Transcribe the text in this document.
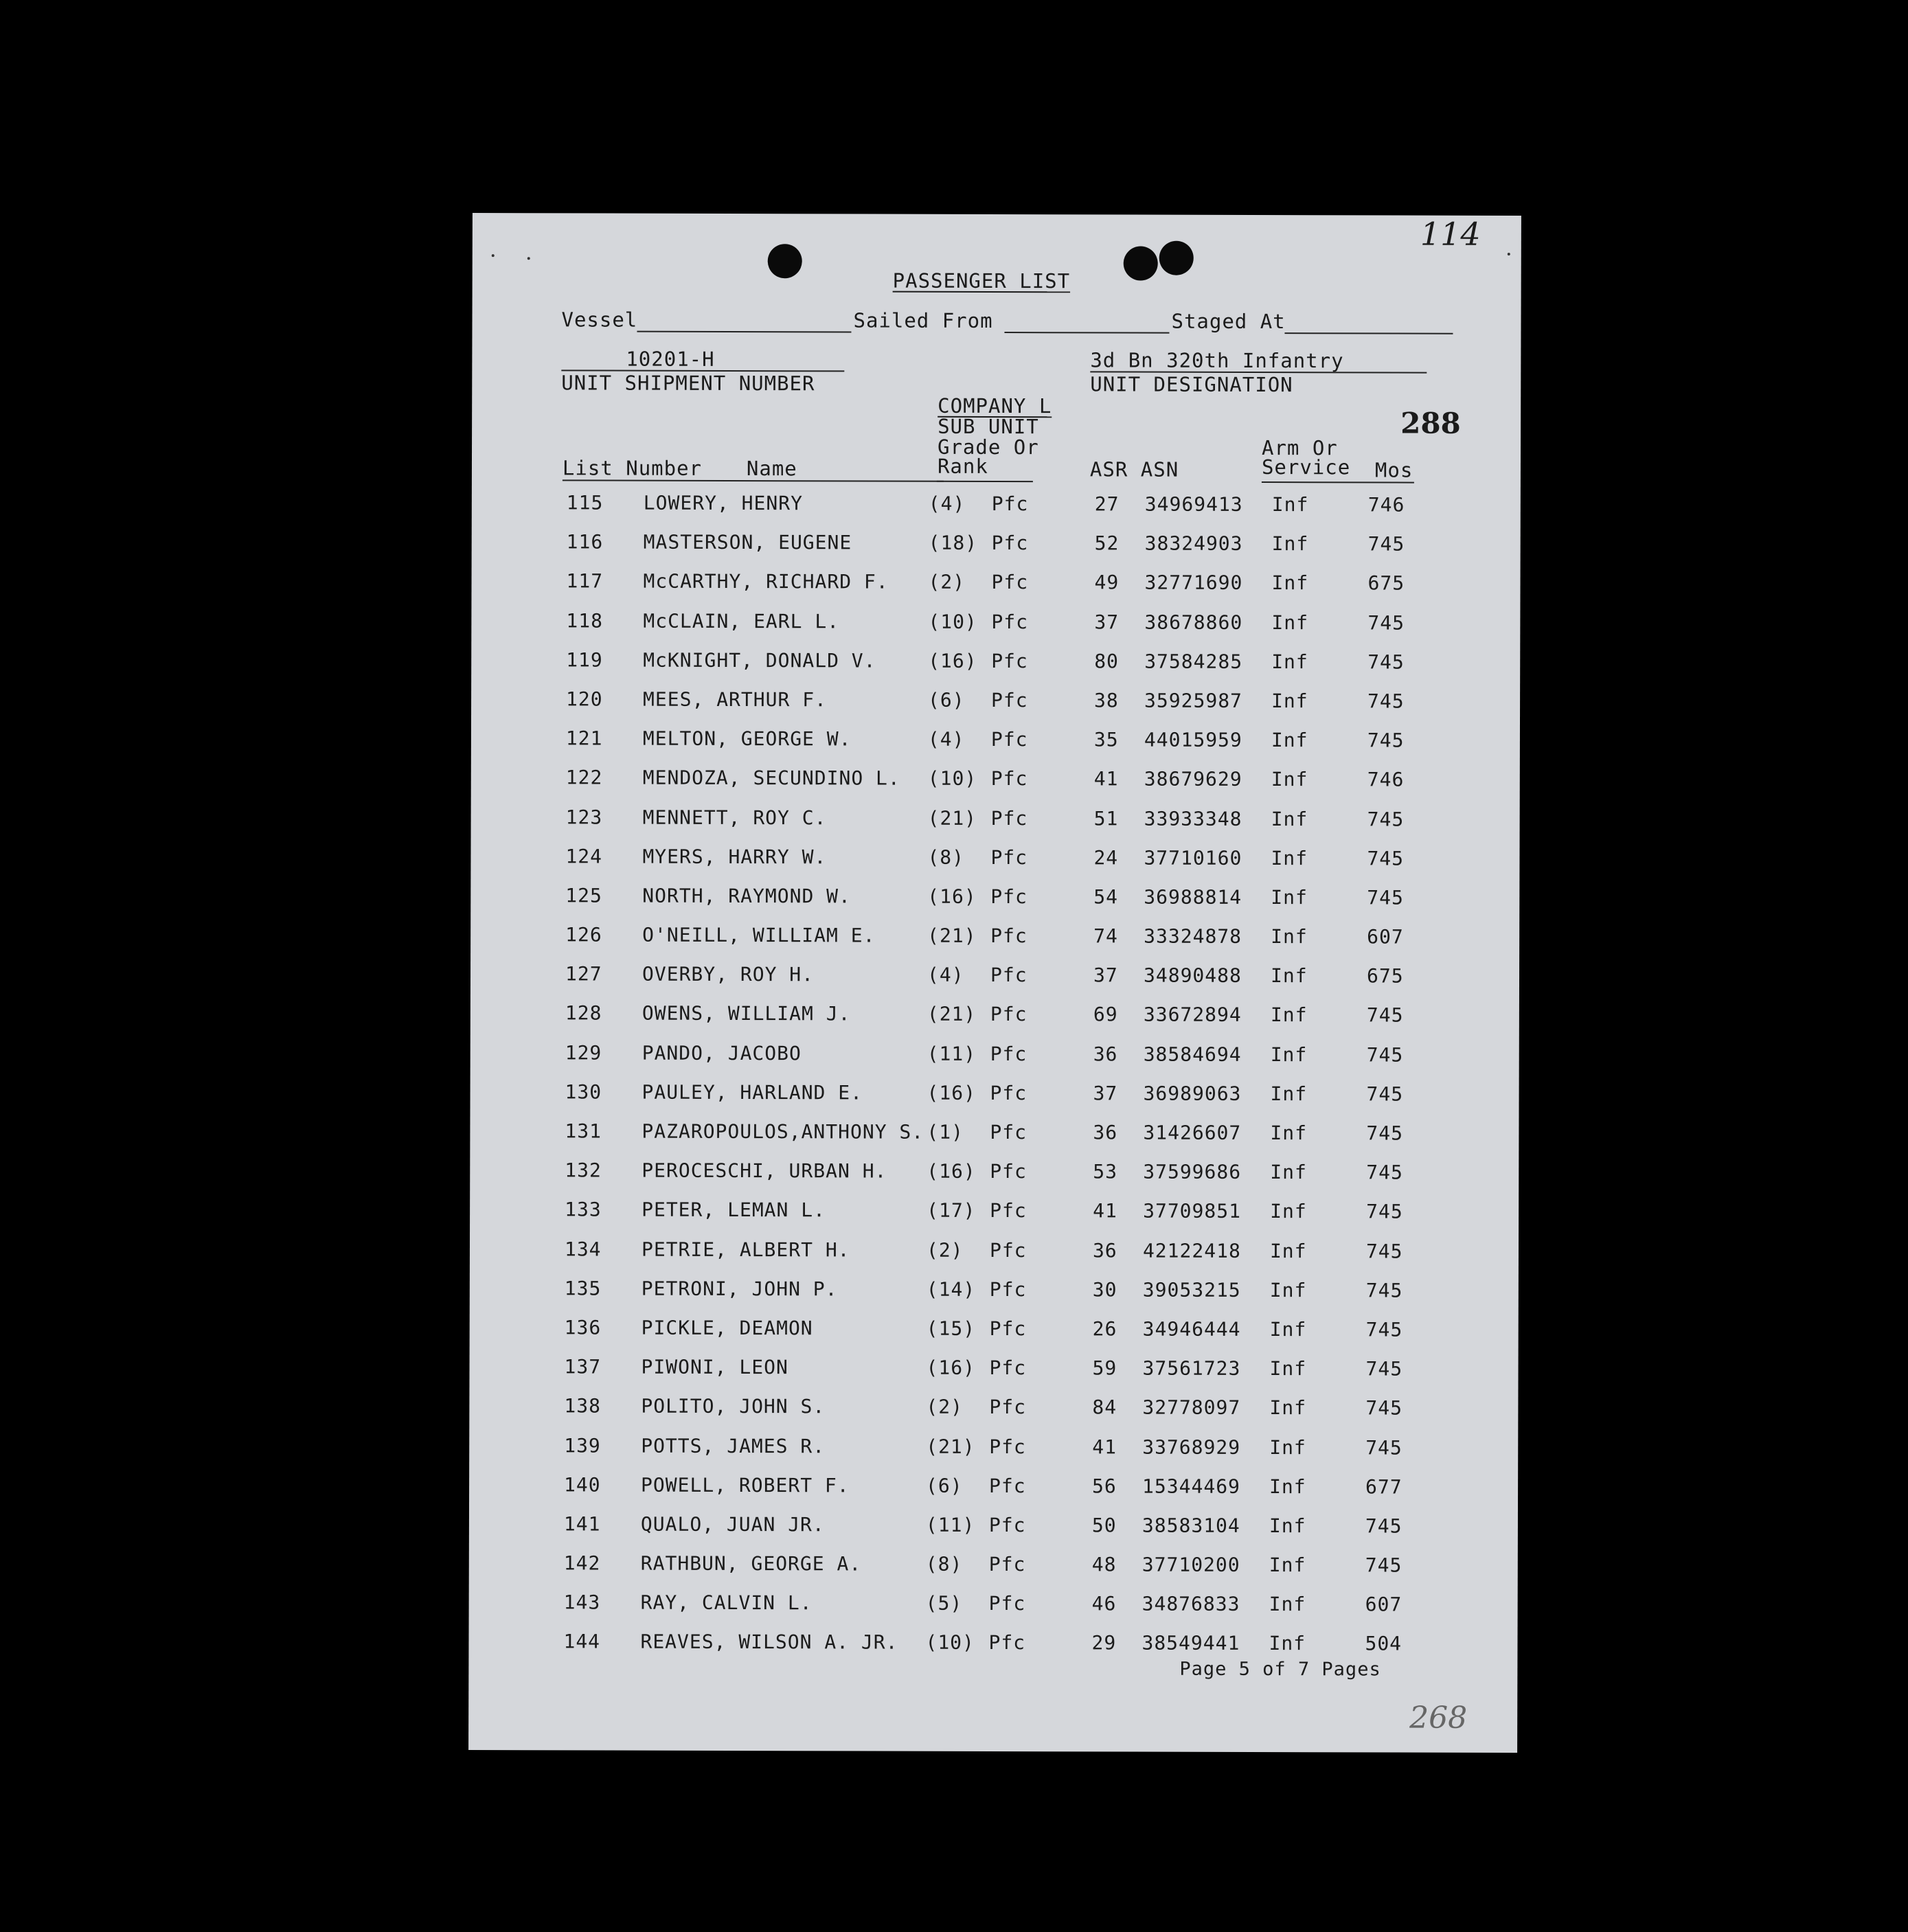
114
PASSENGER LIST
Vessel	Sailed From	Staged At
10201-H
UNIT SHIPMENT NUMBER
3d Bn 320th Infantry
UNIT DESIGNATION
COMPANY L
SUB UNIT
Grade Or
Rank
288
Arm Or
Service
List Number Name	ASR ASN	Mos
115 LOWERY, HENRY	(4) Pfc	27 34969413 Inf	746
116 MASTERSON, EUGENE	(18) Pfc	52 38324903 Inf	745
117 McCARTHY, RICHARD F. (2) Pfc	49 32771690 Inf	675
118 McCLAIN, EARL L.	(10) Pfc	37 38678860 Inf	745
119 McKNIGHT, DONALD V.	(16) Pfc	80 37584285 Inf	745
120 MEES, ARTHUR F.	(6) Pfc	38 35925987 Inf	745
121 MELTON, GEORGE W.	(4) Pfc	35 44015959 Inf	745
122 MENDOZA, SECUNDINO L. (10) Pfc	41 38679629 Inf	746
123 MENNETT, ROY C.	(21) Pfc	51 33933348 Inf	745
124 MYERS, HARRY W.	(8) Pfc	24 37710160 Inf	745
125 NORTH, RAYMOND W.	(16) Pfc	54 36988814 Inf	745
126 O'NEILL, WILLIAM E.	(21) Pfc	74 33324878 Inf	607
127 OVERBY, ROY H.	(4) Pfc	37 34890488 Inf	675
128 OWENS, WILLIAM J.	(21) Pfc	69 33672894 Inf	745
129 PANDO, JACOBO	(11) Pfc	36 38584694 Inf	745
130 PAULEY, HARLAND E.	(16) Pfc	37 36989063 Inf	745
131 PAZAROPOULOS,ANTHONY S. (1) Pfc	36 31426607 Inf	745
132 PEROCESCHI, URBAN H. (16) Pfc	53 37599686 Inf	745
133 PETER, LEMAN L.	(17) Pfc	41 37709851 Inf	745
134 PETRIE, ALBERT H.	(2) Pfc	36 42122418 Inf	745
135 PETRONI, JOHN P.	(14) Pfc	30 39053215 Inf	745
136 PICKLE, DEAMON	(15) Pfc	26 34946444 Inf	745
137 PIWONI, LEON	(16) Pfc	59 37561723 Inf	745
138 POLITO, JOHN S.	(2) Pfc	84 32778097 Inf	745
139 POTTS, JAMES R.	(21) Pfc	41 33768929 Inf	745
140 POWELL, ROBERT F.	(6) Pfc	56 15344469 Inf	677
141 QUALO, JUAN JR.	(11) Pfc	50 38583104 Inf	745
142 RATHBUN, GEORGE A.	(8) Pfc	48 37710200 Inf	745
143 RAY, CALVIN L.	(5) Pfc	46 34876833 Inf	607
144 REAVES, WILSON A. JR. (10) Pfc	29 38549441 Inf	504
Page 5 of 7 Pages
268
